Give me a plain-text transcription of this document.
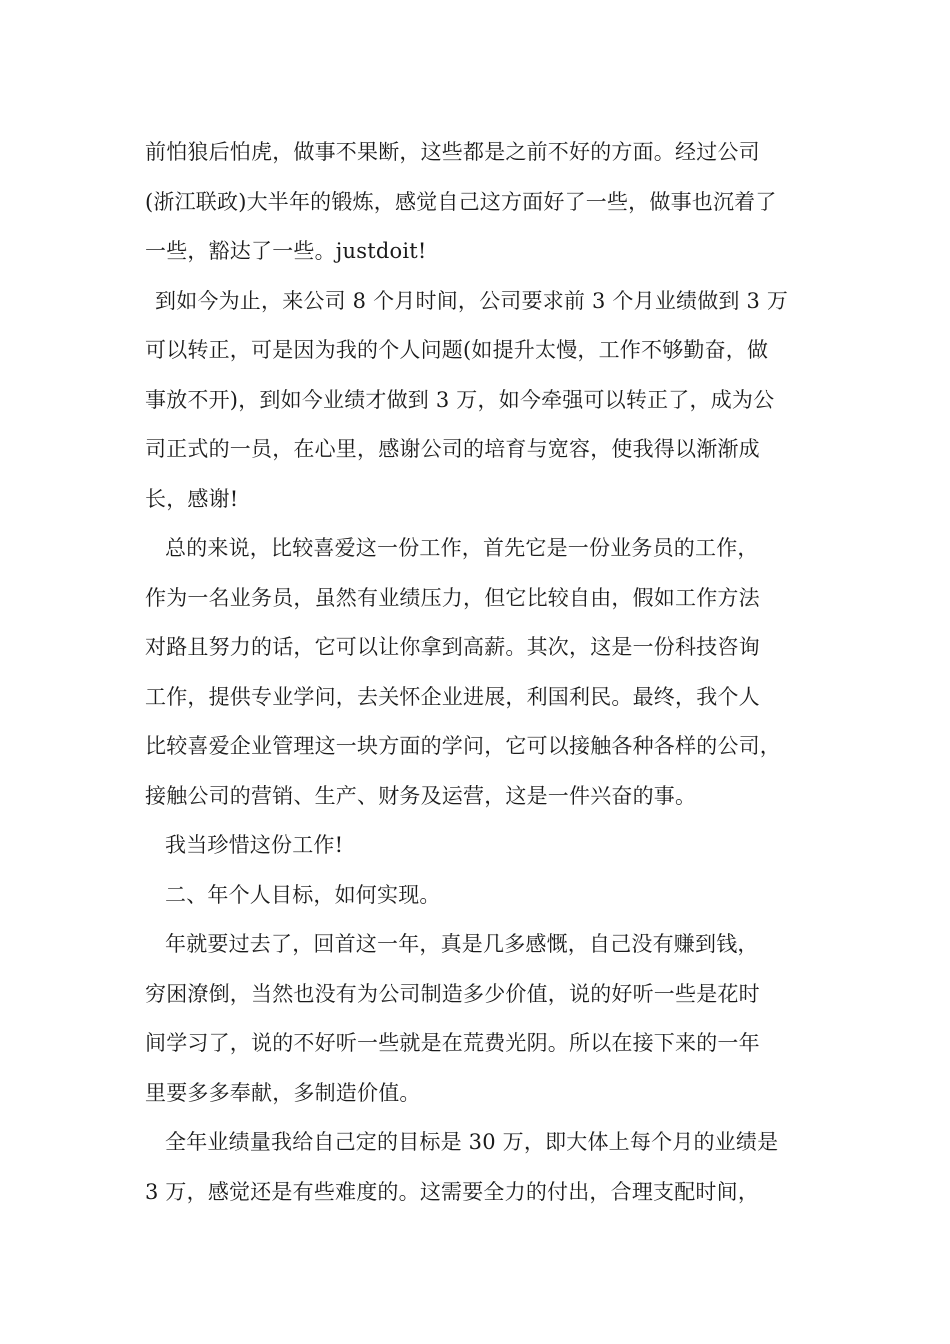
前怕狼后怕虎，做事不果断，这些都是之前不好的方面。经过公司
(浙江联政)大半年的锻炼，感觉自己这方面好了一些，做事也沉着了
一些，豁达了一些。justdoit!
到如今为止，来公司 8 个月时间，公司要求前 3 个月业绩做到 3 万
可以转正，可是因为我的个人问题(如提升太慢，工作不够勤奋，做
事放不开)，到如今业绩才做到 3 万，如今牵强可以转正了，成为公
司正式的一员，在心里，感谢公司的培育与宽容，使我得以渐渐成
长，感谢!
总的来说，比较喜爱这一份工作，首先它是一份业务员的工作，
作为一名业务员，虽然有业绩压力，但它比较自由，假如工作方法
对路且努力的话，它可以让你拿到高薪。其次，这是一份科技咨询
工作，提供专业学问，去关怀企业进展，利国利民。最终，我个人
比较喜爱企业管理这一块方面的学问，它可以接触各种各样的公司，
接触公司的营销、生产、财务及运营，这是一件兴奋的事。
我当珍惜这份工作!
二、年个人目标，如何实现。
年就要过去了，回首这一年，真是几多感慨，自己没有赚到钱，
穷困潦倒，当然也没有为公司制造多少价值，说的好听一些是花时
间学习了，说的不好听一些就是在荒费光阴。所以在接下来的一年
里要多多奉献，多制造价值。
全年业绩量我给自己定的目标是 30 万，即大体上每个月的业绩是
3 万，感觉还是有些难度的。这需要全力的付出，合理支配时间，
